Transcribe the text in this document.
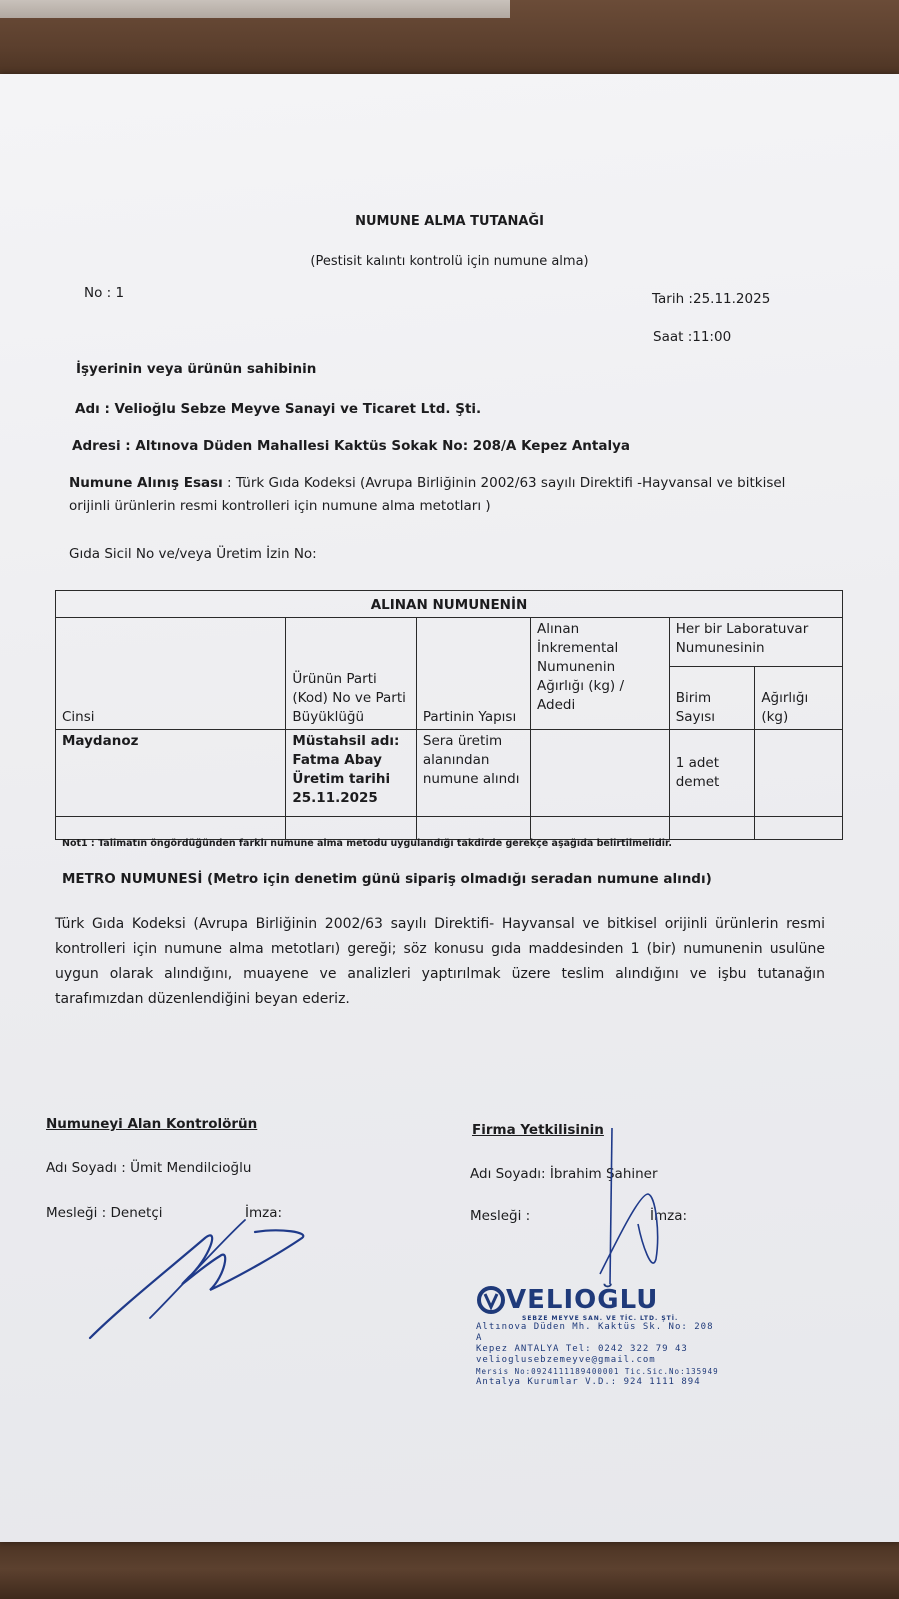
NUMUNE ALMA TUTANAĞI
(Pestisit kalıntı kontrolü için numune alma)
No : 1	Tarih :25.11.2025
Saat :11:00
İşyerinin veya ürünün sahibinin
Adı : Velioğlu Sebze Meyve Sanayi ve Ticaret Ltd. Şti.
Adresi : Altınova Düden Mahallesi Kaktüs Sokak No: 208/A Kepez Antalya
Numune Alınış Esası : Türk Gıda Kodeksi (Avrupa Birliğinin 2002/63 sayılı Direktifi -Hayvansal ve bitkisel orijinli ürünlerin resmi kontrolleri için numune alma metotları )
Gıda Sicil No ve/veya Üretim İzin No:
ALINAN NUMUNENİN					
Cinsi	Ürünün Parti (Kod) No ve Parti Büyüklüğü	Partinin Yapısı	Alınan İnkremental Numunenin Ağırlığı (kg) / Adedi	Her bir Laboratuvar Numunesinin	
				Birim Sayısı	Ağırlığı (kg)
Maydanoz	Müstahsil adı:
Fatma Abay
Üretim tarihi
25.11.2025	Sera üretim alanından numune alındı		1 adet demet	

Not1 : Talimatın öngördüğünden farklı numune alma metodu uygulandığı takdirde gerekçe aşağıda belirtilmelidir.
METRO NUMUNESİ (Metro için denetim günü sipariş olmadığı seradan numune alındı)
Türk Gıda Kodeksi (Avrupa Birliğinin 2002/63 sayılı Direktifi- Hayvansal ve bitkisel orijinli ürünlerin resmi kontrolleri için numune alma metotları) gereği; söz konusu gıda maddesinden 1 (bir) numunenin usulüne uygun olarak alındığını, muayene ve analizleri yaptırılmak üzere teslim alındığını ve işbu tutanağın tarafımızdan düzenlendiğini beyan ederiz.
Numuneyi Alan Kontrolörün
Adı Soyadı : Ümit Mendilcioğlu
Mesleği : Denetçi	İmza:
Firma Yetkilisinin
Adı Soyadı: İbrahim Şahiner
Mesleği :	İmza:
VELIOĞLU
SEBZE MEYVE SAN. VE TİC. LTD. ŞTİ.
Altınova Düden Mh. Kaktüs Sk. No: 208 A
Kepez ANTALYA Tel: 0242 322 79 43
veliogl​usebzemeyve@gmail.com
Mersis No:0924111189400001 Tic.Sic.No:135949
Antalya Kurumlar V.D.: 924 1111 894
